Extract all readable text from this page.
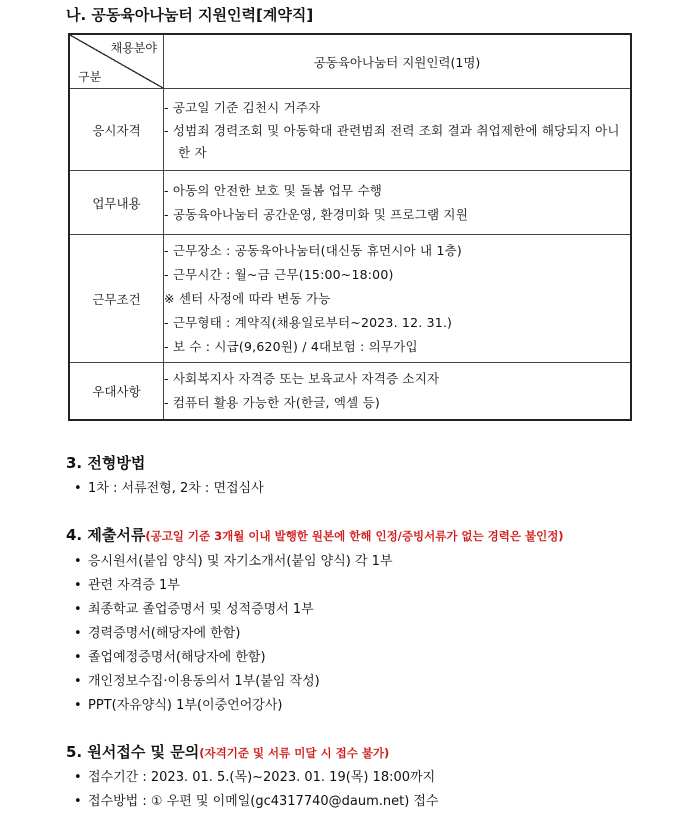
나. 공동육아나눔터 지원인력[계약직]
채용분야
구분	공동육아나눔터 지원인력(1명)
응시자격	- 공고일 기준 김천시 거주자
- 성범죄 경력조회 및 아동학대 관련범죄 전력 조회 결과 취업제한에 해당되지 아니한 자

업무내용	- 아동의 안전한 보호 및 돌봄 업무 수행
- 공동육아나눔터 공간운영, 환경미화 및 프로그램 지원

근무조건	- 근무장소 : 공동육아나눔터(대신동 휴먼시아 내 1층)
- 근무시간 : 월~금 근무(15:00~18:00)
※ 센터 사정에 따라 변동 가능
- 근무형태 : 계약직(채용일로부터~2023. 12. 31.)
- 보 수 : 시급(9,620원) / 4대보험 : 의무가입

우대사항	- 사회복지사 자격증 또는 보육교사 자격증 소지자
- 컴퓨터 활용 가능한 자(한글, 엑셀 등)
3. 전형방법
• 1차 : 서류전형, 2차 : 면접심사
4. 제출서류(공고일 기준 3개월 이내 발행한 원본에 한해 인정/증빙서류가 없는 경력은 불인정)
• 응시원서(붙임 양식) 및 자기소개서(붙임 양식) 각 1부
• 관련 자격증 1부
• 최종학교 졸업증명서 및 성적증명서 1부
• 경력증명서(해당자에 한함)
• 졸업예정증명서(해당자에 한함)
• 개인정보수집·이용동의서 1부(붙임 작성)
• PPT(자유양식) 1부(이중언어강사)
5. 원서접수 및 문의(자격기준 및 서류 미달 시 접수 불가)
• 접수기간 : 2023. 01. 5.(목)~2023. 01. 19(목) 18:00까지
• 접수방법 : ① 우편 및 이메일(gc4317740@daum.net) 접수
